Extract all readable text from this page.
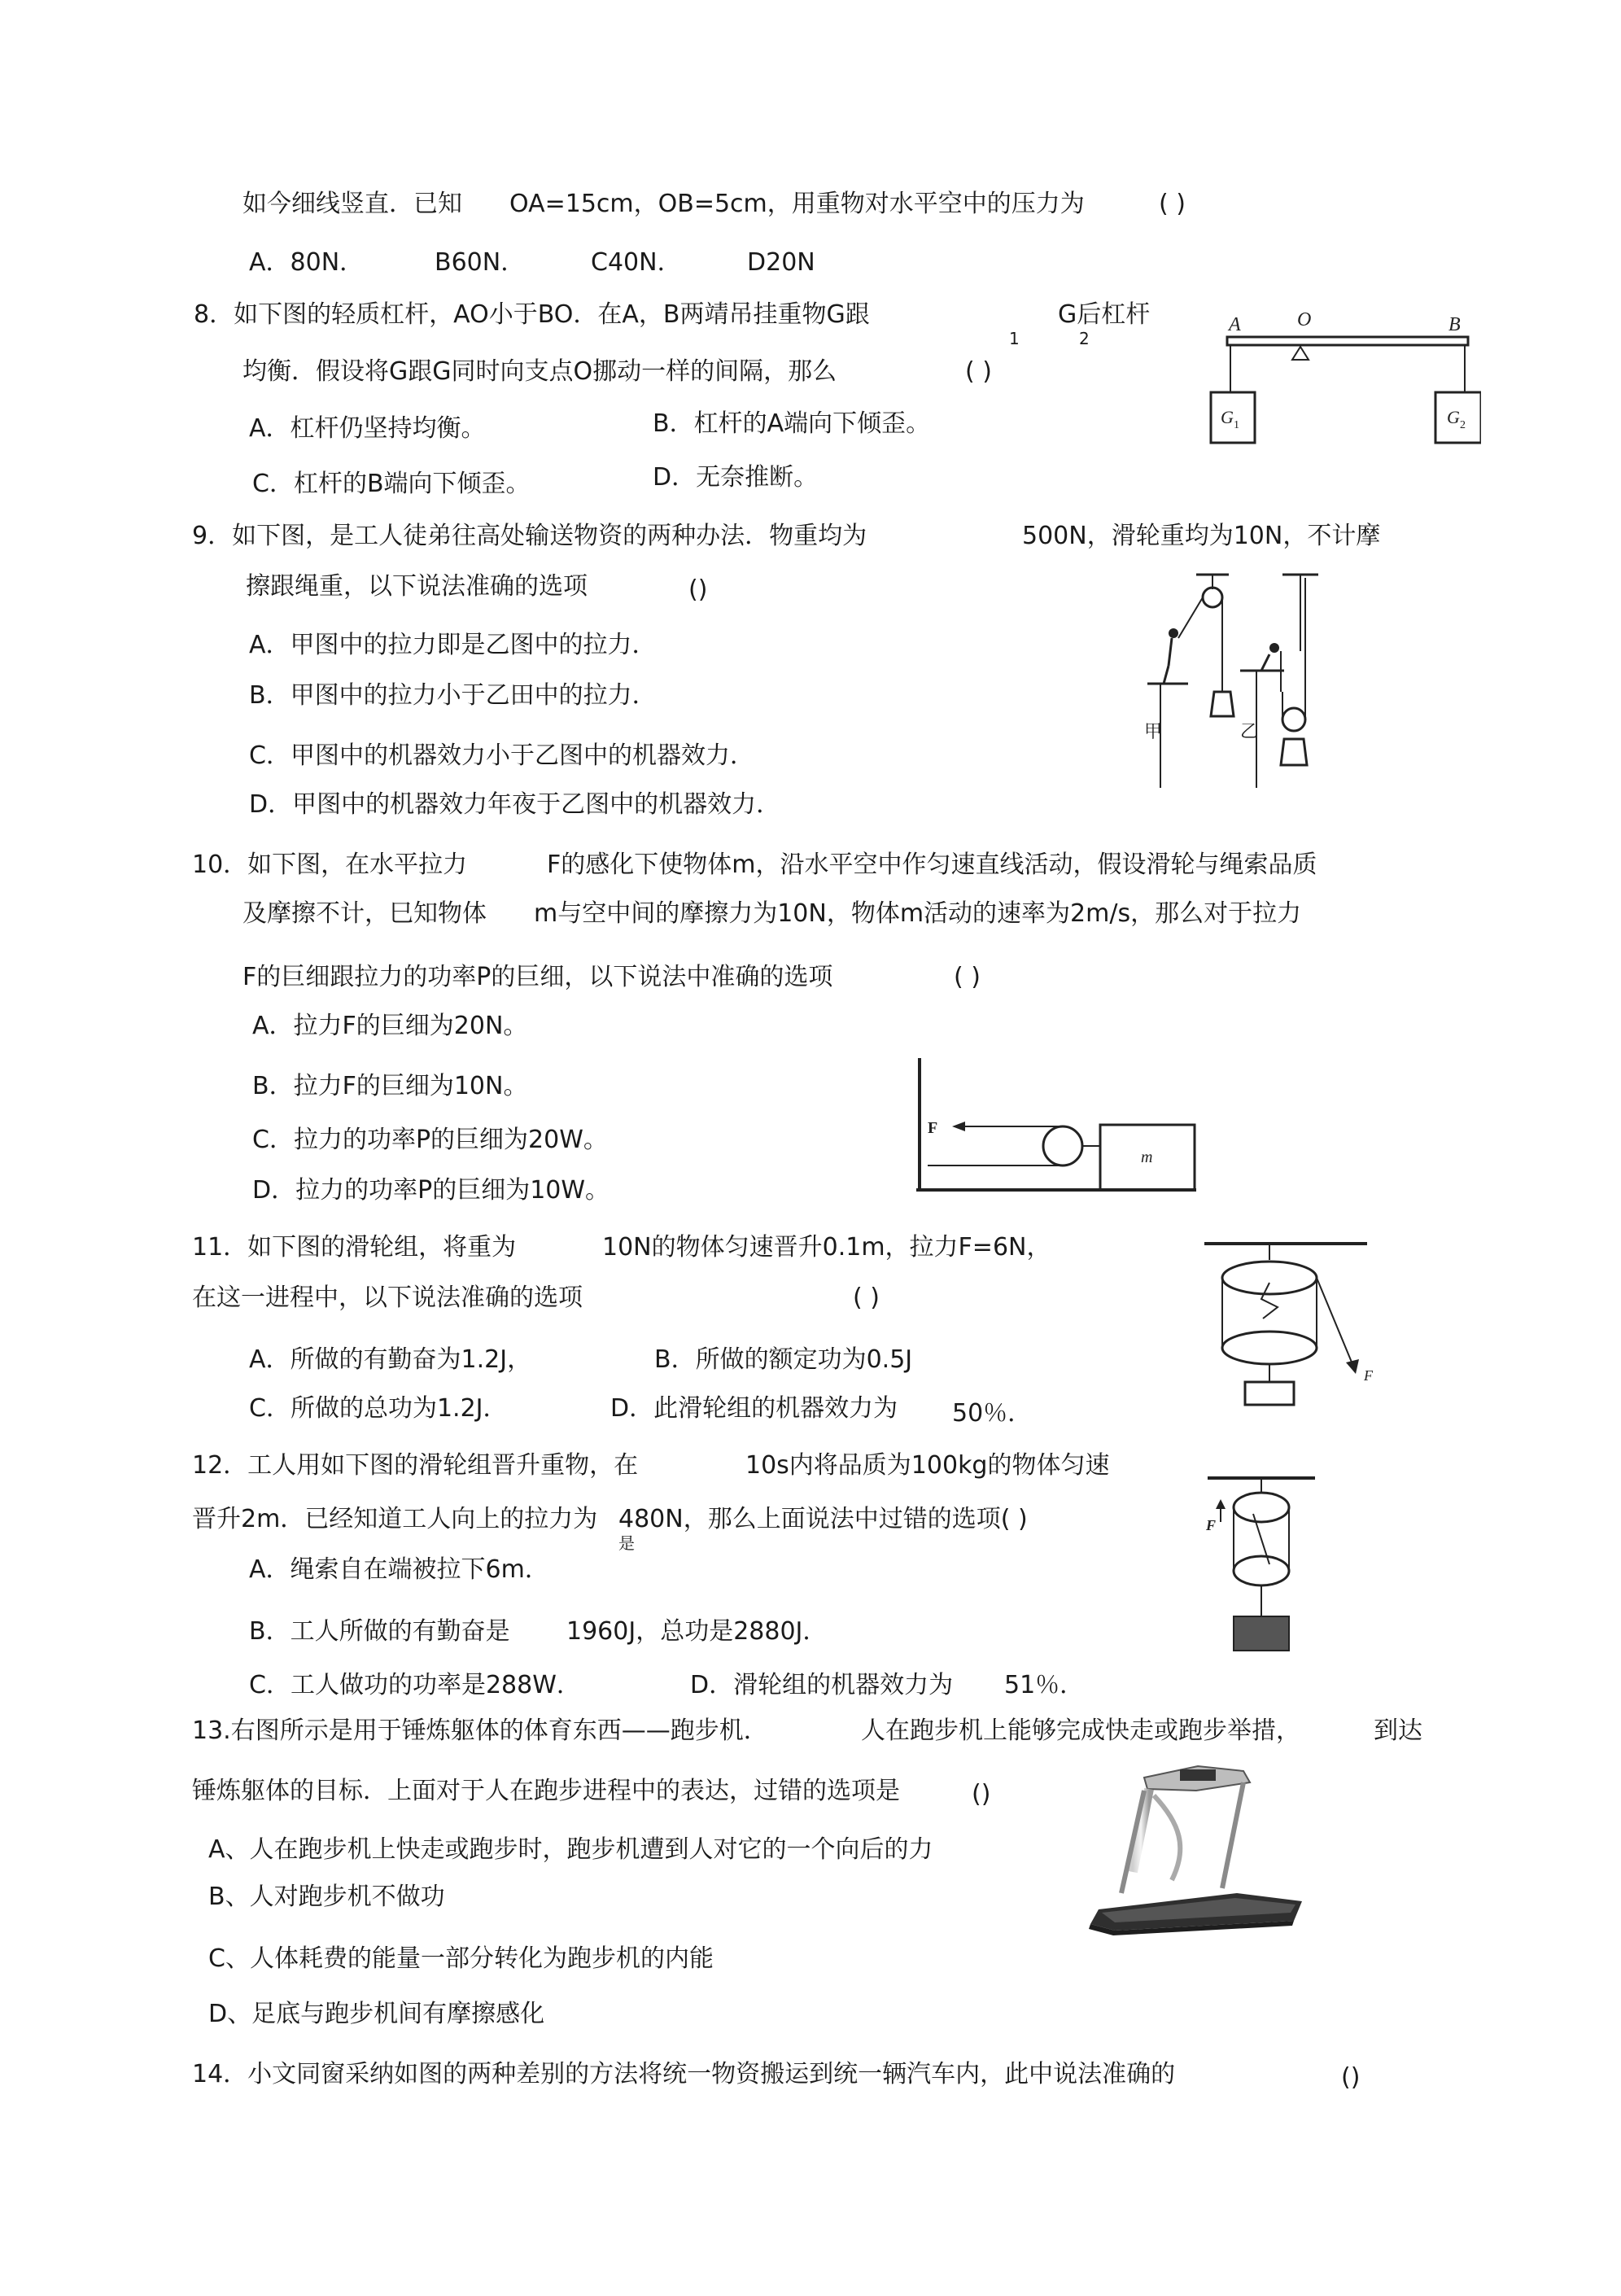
如今细线竖直．已知 OA=15cm，OB=5cm，用重物对水平空中的压力为	( )
A．80N．	B60N．	C40N．	D20N
8．如下图的轻质杠杆，AO小于BO．在A，B两靖吊挂重物G跟	G后杠杆
1	2
均衡．假设将G跟G同时向支点O挪动一样的间隔，那么	( )
A．杠杆仍坚持均衡。	B．杠杆的A端向下倾歪。
C．杠杆的B端向下倾歪。	D．无奈推断。
A	O	B
G 1	G 2
9．如下图，是工人徒弟往高处输送物资的两种办法．物重均为	500N，滑轮重均为10N，不计摩
擦跟绳重，以下说法准确的选项	()
A．甲图中的拉力即是乙图中的拉力．
B．甲图中的拉力小于乙田中的拉力．
C．甲图中的机器效力小于乙图中的机器效力．
D．甲图中的机器效力年夜于乙图中的机器效力．
甲	乙
10．如下图，在水平拉力	F的感化下使物体m，沿水平空中作匀速直线活动，假设滑轮与绳索品质
及摩擦不计，巳知物体 m与空中间的摩擦力为10N，物体m活动的速率为2m/s，那么对于拉力
F的巨细跟拉力的功率P的巨细，以下说法中准确的选项	( )
A．拉力F的巨细为20N。
B．拉力F的巨细为10N。
C．拉力的功率P的巨细为20W。
D．拉力的功率P的巨细为10W。
F
m
11．如下图的滑轮组，将重为	10N的物体匀速晋升0.1m，拉力F=6N，
在这一进程中，以下说法准确的选项	( )
A．所做的有勤奋为1.2J，	B．所做的额定功为0.5J
C．所做的总功为1.2J．	D．此滑轮组的机器效力为 50％．
F
12．工人用如下图的滑轮组晋升重物，在	10s内将品质为100kg的物体匀速
晋升2m．已经知道工人向上的拉力为 480N，那么上面说法中过错的选项( )
是
A．绳索自在端被拉下6m．
B．工人所做的有勤奋是 1960J，总功是2880J．
C．工人做功的功率是288W．	D．滑轮组的机器效力为 51％．
F
13.右图所示是用于锤炼躯体的体育东西——跑步机．	人在跑步机上能够完成快走或跑步举措，	到达
锤炼躯体的目标．上面对于人在跑步进程中的表达，过错的选项是	()
A、人在跑步机上快走或跑步时，跑步机遭到人对它的一个向后的力
B、人对跑步机不做功
C、人体耗费的能量一部分转化为跑步机的内能
D、足底与跑步机间有摩擦感化
14．小文同窗采纳如图的两种差别的方法将统一物资搬运到统一辆汽车内，此中说法准确的	()
